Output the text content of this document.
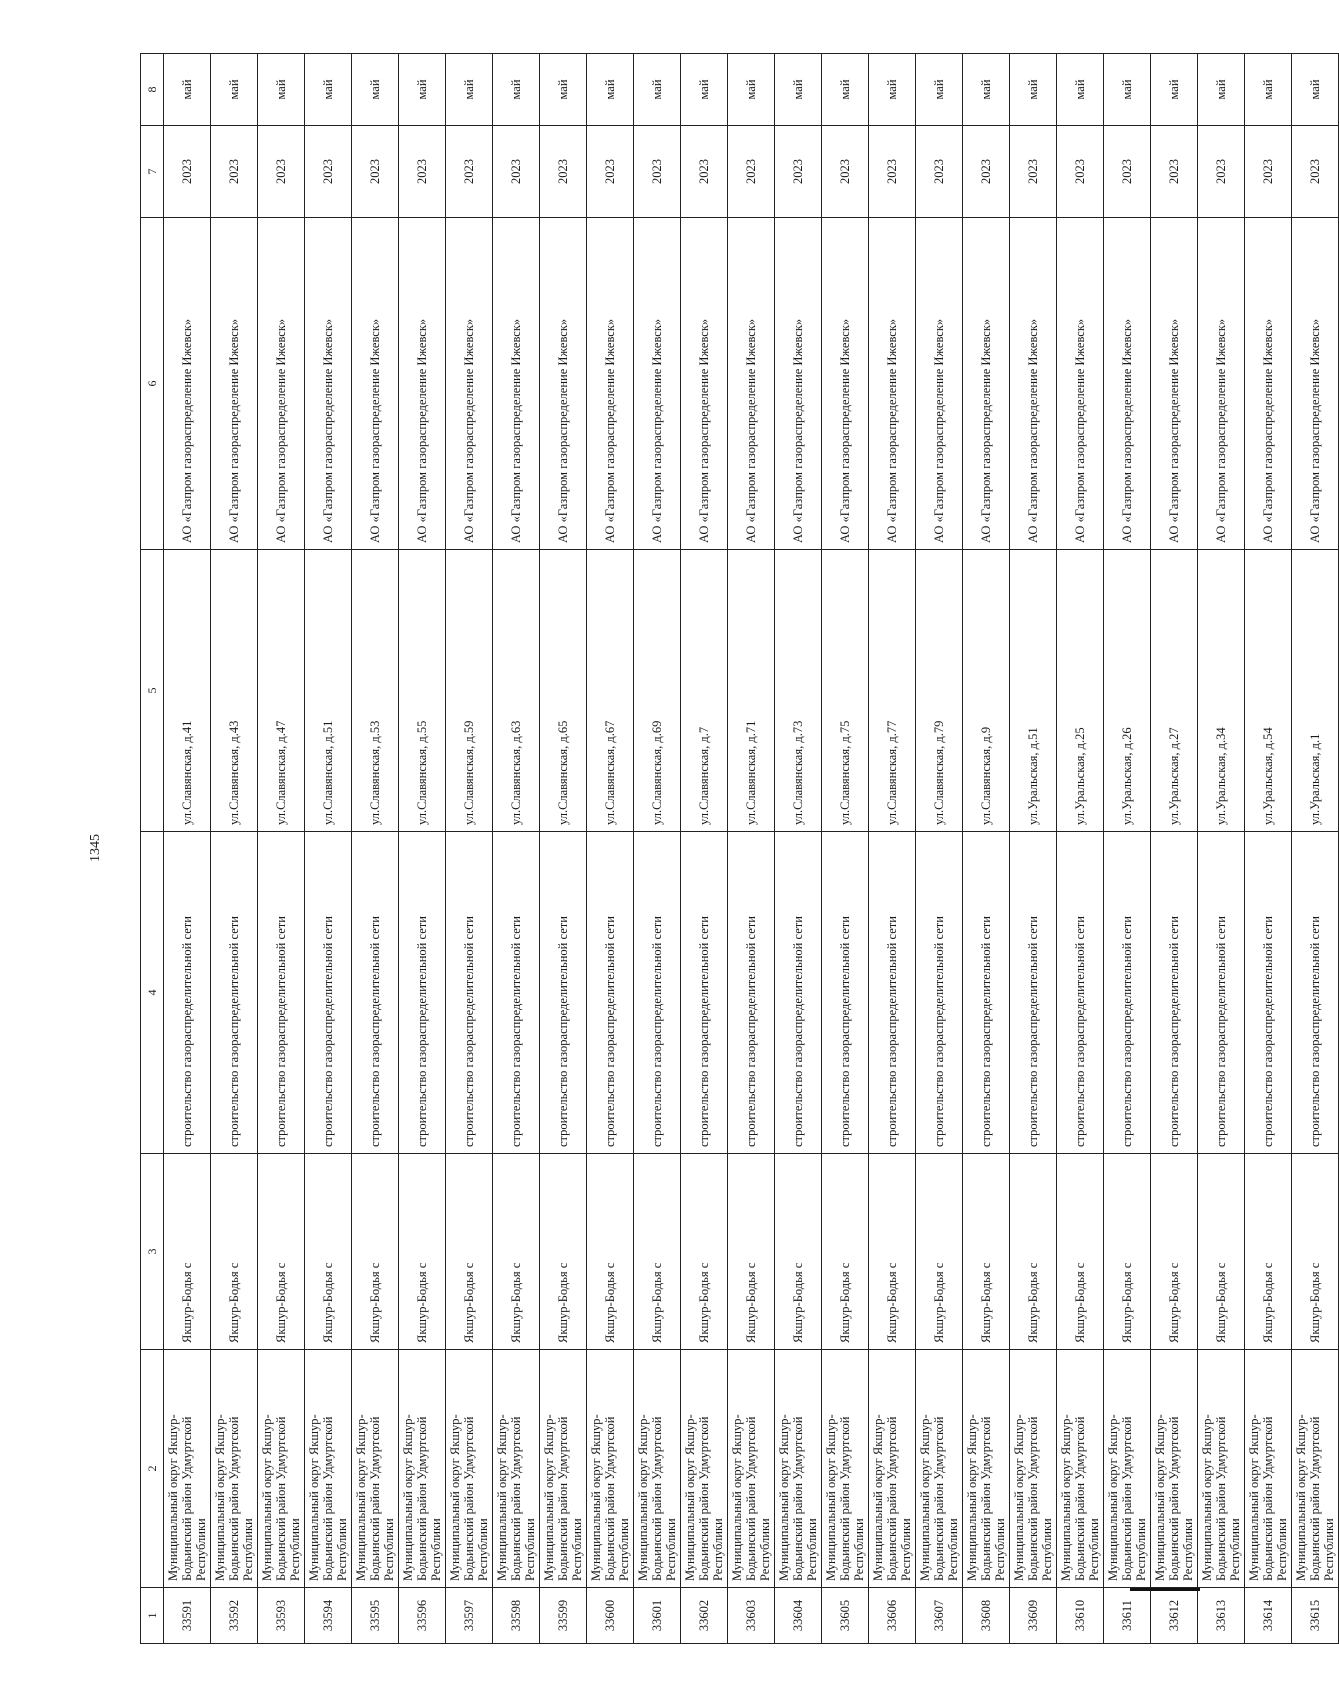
1345
1	2	3	4	5	6	7	8
33591	Муниципальный округ Якшур-Бодьинский район Удмуртской Республики	Якшур-Бодья с	строительство газораспределительной сети	ул.Славянская, д.41	АО «Газпром газораспределение Ижевск»	2023	май
33592	Муниципальный округ Якшур-Бодьинский район Удмуртской Республики	Якшур-Бодья с	строительство газораспределительной сети	ул.Славянская, д.43	АО «Газпром газораспределение Ижевск»	2023	май
33593	Муниципальный округ Якшур-Бодьинский район Удмуртской Республики	Якшур-Бодья с	строительство газораспределительной сети	ул.Славянская, д.47	АО «Газпром газораспределение Ижевск»	2023	май
33594	Муниципальный округ Якшур-Бодьинский район Удмуртской Республики	Якшур-Бодья с	строительство газораспределительной сети	ул.Славянская, д.51	АО «Газпром газораспределение Ижевск»	2023	май
33595	Муниципальный округ Якшур-Бодьинский район Удмуртской Республики	Якшур-Бодья с	строительство газораспределительной сети	ул.Славянская, д.53	АО «Газпром газораспределение Ижевск»	2023	май
33596	Муниципальный округ Якшур-Бодьинский район Удмуртской Республики	Якшур-Бодья с	строительство газораспределительной сети	ул.Славянская, д.55	АО «Газпром газораспределение Ижевск»	2023	май
33597	Муниципальный округ Якшур-Бодьинский район Удмуртской Республики	Якшур-Бодья с	строительство газораспределительной сети	ул.Славянская, д.59	АО «Газпром газораспределение Ижевск»	2023	май
33598	Муниципальный округ Якшур-Бодьинский район Удмуртской Республики	Якшур-Бодья с	строительство газораспределительной сети	ул.Славянская, д.63	АО «Газпром газораспределение Ижевск»	2023	май
33599	Муниципальный округ Якшур-Бодьинский район Удмуртской Республики	Якшур-Бодья с	строительство газораспределительной сети	ул.Славянская, д.65	АО «Газпром газораспределение Ижевск»	2023	май
33600	Муниципальный округ Якшур-Бодьинский район Удмуртской Республики	Якшур-Бодья с	строительство газораспределительной сети	ул.Славянская, д.67	АО «Газпром газораспределение Ижевск»	2023	май
33601	Муниципальный округ Якшур-Бодьинский район Удмуртской Республики	Якшур-Бодья с	строительство газораспределительной сети	ул.Славянская, д.69	АО «Газпром газораспределение Ижевск»	2023	май
33602	Муниципальный округ Якшур-Бодьинский район Удмуртской Республики	Якшур-Бодья с	строительство газораспределительной сети	ул.Славянская, д.7	АО «Газпром газораспределение Ижевск»	2023	май
33603	Муниципальный округ Якшур-Бодьинский район Удмуртской Республики	Якшур-Бодья с	строительство газораспределительной сети	ул.Славянская, д.71	АО «Газпром газораспределение Ижевск»	2023	май
33604	Муниципальный округ Якшур-Бодьинский район Удмуртской Республики	Якшур-Бодья с	строительство газораспределительной сети	ул.Славянская, д.73	АО «Газпром газораспределение Ижевск»	2023	май
33605	Муниципальный округ Якшур-Бодьинский район Удмуртской Республики	Якшур-Бодья с	строительство газораспределительной сети	ул.Славянская, д.75	АО «Газпром газораспределение Ижевск»	2023	май
33606	Муниципальный округ Якшур-Бодьинский район Удмуртской Республики	Якшур-Бодья с	строительство газораспределительной сети	ул.Славянская, д.77	АО «Газпром газораспределение Ижевск»	2023	май
33607	Муниципальный округ Якшур-Бодьинский район Удмуртской Республики	Якшур-Бодья с	строительство газораспределительной сети	ул.Славянская, д.79	АО «Газпром газораспределение Ижевск»	2023	май
33608	Муниципальный округ Якшур-Бодьинский район Удмуртской Республики	Якшур-Бодья с	строительство газораспределительной сети	ул.Славянская, д.9	АО «Газпром газораспределение Ижевск»	2023	май
33609	Муниципальный округ Якшур-Бодьинский район Удмуртской Республики	Якшур-Бодья с	строительство газораспределительной сети	ул.Уральская, д.51	АО «Газпром газораспределение Ижевск»	2023	май
33610	Муниципальный округ Якшур-Бодьинский район Удмуртской Республики	Якшур-Бодья с	строительство газораспределительной сети	ул.Уральская, д.25	АО «Газпром газораспределение Ижевск»	2023	май
33611	Муниципальный округ Якшур-Бодьинский район Удмуртской Республики	Якшур-Бодья с	строительство газораспределительной сети	ул.Уральская, д.26	АО «Газпром газораспределение Ижевск»	2023	май
33612	Муниципальный округ Якшур-Бодьинский район Удмуртской Республики	Якшур-Бодья с	строительство газораспределительной сети	ул.Уральская, д.27	АО «Газпром газораспределение Ижевск»	2023	май
33613	Муниципальный округ Якшур-Бодьинский район Удмуртской Республики	Якшур-Бодья с	строительство газораспределительной сети	ул.Уральская, д.34	АО «Газпром газораспределение Ижевск»	2023	май
33614	Муниципальный округ Якшур-Бодьинский район Удмуртской Республики	Якшур-Бодья с	строительство газораспределительной сети	ул.Уральская, д.54	АО «Газпром газораспределение Ижевск»	2023	май
33615	Муниципальный округ Якшур-Бодьинский район Удмуртской Республики	Якшур-Бодья с	строительство газораспределительной сети	ул.Уральская, д.1	АО «Газпром газораспределение Ижевск»	2023	май
